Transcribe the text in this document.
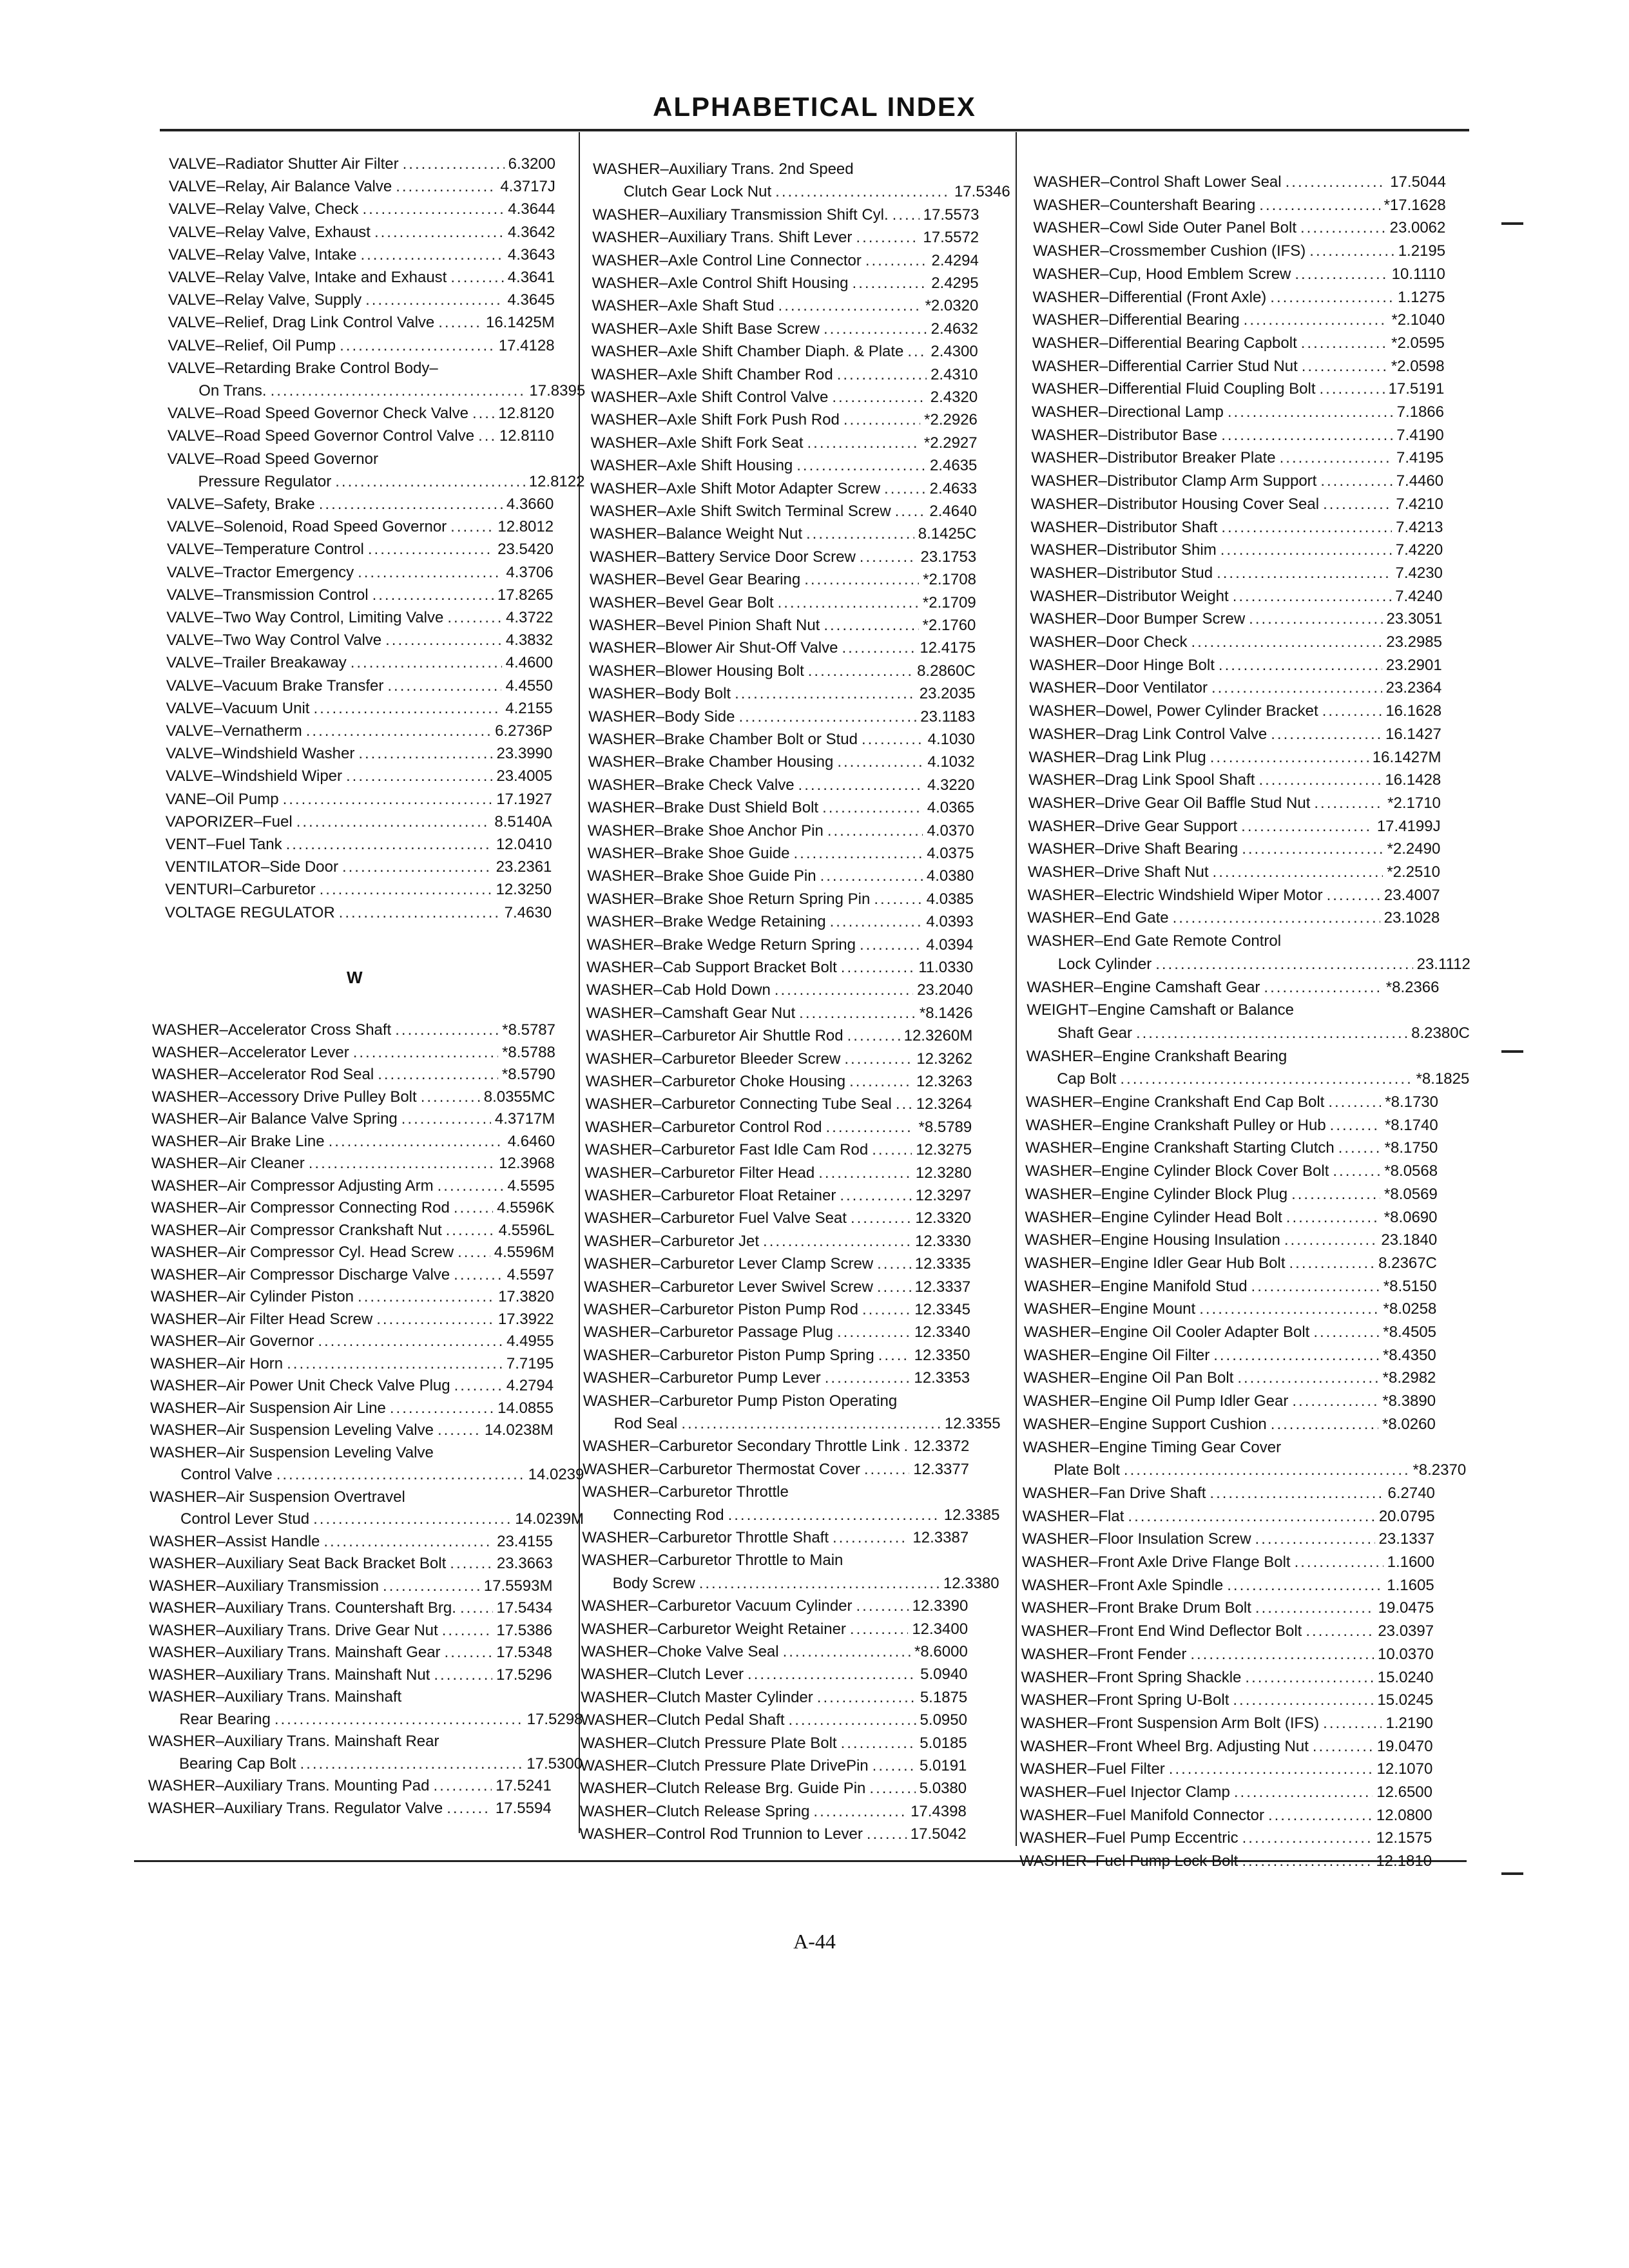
ALPHABETICAL INDEX
VALVE–Radiator Shutter Air Filter .....	6.3200
VALVE–Relay, Air Balance Valve .....	4.3717J
VALVE–Relay Valve, Check .....	4.3644
VALVE–Relay Valve, Exhaust .....	4.3642
VALVE–Relay Valve, Intake .....	4.3643
VALVE–Relay Valve, Intake and Exhaust .....	4.3641
VALVE–Relay Valve, Supply .....	4.3645
VALVE–Relief, Drag Link Control Valve .....	16.1425M
VALVE–Relief, Oil Pump .....	17.4128
VALVE–Retarding Brake Control Body–
On Trans. .....	17.8395
VALVE–Road Speed Governor Check Valve ..... 12.8120
VALVE–Road Speed Governor Control Valve ..... 12.8110
VALVE–Road Speed Governor
Pressure Regulator .....	12.8122
VALVE–Safety, Brake .....	4.3660
VALVE–Solenoid, Road Speed Governor .....	12.8012
VALVE–Temperature Control .....	23.5420
VALVE–Tractor Emergency .....	4.3706
VALVE–Transmission Control .....	17.8265
VALVE–Two Way Control, Limiting Valve .....	4.3722
VALVE–Two Way Control Valve .....	4.3832
VALVE–Trailer Breakaway .....	4.4600
VALVE–Vacuum Brake Transfer .....	4.4550
VALVE–Vacuum Unit .....	4.2155
VALVE–Vernatherm .....	6.2736P
VALVE–Windshield Washer .....	23.3990
VALVE–Windshield Wiper .....	23.4005
VANE–Oil Pump .....	17.1927
VAPORIZER–Fuel .....	8.5140A
VENT–Fuel Tank .....	12.0410
VENTILATOR–Side Door .....	23.2361
VENTURI–Carburetor .....	12.3250
VOLTAGE REGULATOR .....	7.4630
WASHER–Accelerator Cross Shaft .....	*8.5787
WASHER–Accelerator Lever .....	*8.5788
WASHER–Accelerator Rod Seal .....	*8.5790
WASHER–Accessory Drive Pulley Bolt .....	8.0355MC
WASHER–Air Balance Valve Spring .....	4.3717M
WASHER–Air Brake Line .....	4.6460
WASHER–Air Cleaner .....	12.3968
WASHER–Air Compressor Adjusting Arm .....	4.5595
WASHER–Air Compressor Connecting Rod .....	4.5596K
WASHER–Air Compressor Crankshaft Nut .....	4.5596L
WASHER–Air Compressor Cyl. Head Screw .....	4.5596M
WASHER–Air Compressor Discharge Valve .....	4.5597
WASHER–Air Cylinder Piston .....	17.3820
WASHER–Air Filter Head Screw .....	17.3922
WASHER–Air Governor .....	4.4955
WASHER–Air Horn .....	7.7195
WASHER–Air Power Unit Check Valve Plug .....	4.2794
WASHER–Air Suspension Air Line .....	14.0855
WASHER–Air Suspension Leveling Valve .....	14.0238M
WASHER–Air Suspension Leveling Valve
Control Valve .....	14.0239
WASHER–Air Suspension Overtravel
Control Lever Stud .....	14.0239M
WASHER–Assist Handle .....	23.4155
WASHER–Auxiliary Seat Back Bracket Bolt .....	23.3663
WASHER–Auxiliary Transmission .....	17.5593M
WASHER–Auxiliary Trans. Countershaft Brg. .....	17.5434
WASHER–Auxiliary Trans. Drive Gear Nut .....	17.5386
WASHER–Auxiliary Trans. Mainshaft Gear .....	17.5348
WASHER–Auxiliary Trans. Mainshaft Nut .....	17.5296
WASHER–Auxiliary Trans. Mainshaft
Rear Bearing .....	17.5298
WASHER–Auxiliary Trans. Mainshaft Rear
Bearing Cap Bolt .....	17.5300
WASHER–Auxiliary Trans. Mounting Pad .....	17.5241
WASHER–Auxiliary Trans. Regulator Valve .....	17.5594
WASHER–Auxiliary Trans. 2nd Speed
Clutch Gear Lock Nut .....	17.5346
WASHER–Auxiliary Transmission Shift Cyl. ..... 17.5573
WASHER–Auxiliary Trans. Shift Lever .....	17.5572
WASHER–Axle Control Line Connector .....	2.4294
WASHER–Axle Control Shift Housing .....	2.4295
WASHER–Axle Shaft Stud .....	*2.0320
WASHER–Axle Shift Base Screw .....	2.4632
WASHER–Axle Shift Chamber Diaph. & Plate ..... 2.4300
WASHER–Axle Shift Chamber Rod .....	2.4310
WASHER–Axle Shift Control Valve .....	2.4320
WASHER–Axle Shift Fork Push Rod .....	*2.2926
WASHER–Axle Shift Fork Seat .....	*2.2927
WASHER–Axle Shift Housing .....	2.4635
WASHER–Axle Shift Motor Adapter Screw .....	2.4633
WASHER–Axle Shift Switch Terminal Screw ..... 2.4640
WASHER–Balance Weight Nut .....	8.1425C
WASHER–Battery Service Door Screw .....	23.1753
WASHER–Bevel Gear Bearing .....	*2.1708
WASHER–Bevel Gear Bolt .....	*2.1709
WASHER–Bevel Pinion Shaft Nut .....	*2.1760
WASHER–Blower Air Shut-Off Valve .....	12.4175
WASHER–Blower Housing Bolt .....	8.2860C
WASHER–Body Bolt .....	23.2035
WASHER–Body Side .....	23.1183
WASHER–Brake Chamber Bolt or Stud .....	4.1030
WASHER–Brake Chamber Housing .....	4.1032
WASHER–Brake Check Valve .....	4.3220
WASHER–Brake Dust Shield Bolt .....	4.0365
WASHER–Brake Shoe Anchor Pin .....	4.0370
WASHER–Brake Shoe Guide .....	4.0375
WASHER–Brake Shoe Guide Pin .....	4.0380
WASHER–Brake Shoe Return Spring Pin .....	4.0385
WASHER–Brake Wedge Retaining .....	4.0393
WASHER–Brake Wedge Return Spring .....	4.0394
WASHER–Cab Support Bracket Bolt .....	11.0330
WASHER–Cab Hold Down .....	23.2040
WASHER–Camshaft Gear Nut .....	*8.1426
WASHER–Carburetor Air Shuttle Rod .....	12.3260M
WASHER–Carburetor Bleeder Screw .....	12.3262
WASHER–Carburetor Choke Housing .....	12.3263
WASHER–Carburetor Connecting Tube Seal ..... 12.3264
WASHER–Carburetor Control Rod .....	*8.5789
WASHER–Carburetor Fast Idle Cam Rod .....	12.3275
WASHER–Carburetor Filter Head .....	12.3280
WASHER–Carburetor Float Retainer .....	12.3297
WASHER–Carburetor Fuel Valve Seat .....	12.3320
WASHER–Carburetor Jet .....	12.3330
WASHER–Carburetor Lever Clamp Screw .....	12.3335
WASHER–Carburetor Lever Swivel Screw .....	12.3337
WASHER–Carburetor Piston Pump Rod .....	12.3345
WASHER–Carburetor Passage Plug .....	12.3340
WASHER–Carburetor Piston Pump Spring .....	12.3350
WASHER–Carburetor Pump Lever .....	12.3353
WASHER–Carburetor Pump Piston Operating
Rod Seal .....	12.3355
WASHER–Carburetor Secondary Throttle Link ..... 12.3372
WASHER–Carburetor Thermostat Cover .....	12.3377
WASHER–Carburetor Throttle
Connecting Rod .....	12.3385
WASHER–Carburetor Throttle Shaft .....	12.3387
WASHER–Carburetor Throttle to Main
Body Screw .....	12.3380
WASHER–Carburetor Vacuum Cylinder .....	12.3390
WASHER–Carburetor Weight Retainer .....	12.3400
WASHER–Choke Valve Seal .....	*8.6000
WASHER–Clutch Lever .....	5.0940
WASHER–Clutch Master Cylinder .....	5.1875
WASHER–Clutch Pedal Shaft .....	5.0950
WASHER–Clutch Pressure Plate Bolt .....	5.0185
WASHER–Clutch Pressure Plate DrivePin .....	5.0191
WASHER–Clutch Release Brg. Guide Pin .....	5.0380
WASHER–Clutch Release Spring .....	17.4398
WASHER–Control Rod Trunnion to Lever .....	17.5042
WASHER–Control Shaft Lower Seal .....	17.5044
WASHER–Countershaft Bearing .....	*17.1628
WASHER–Cowl Side Outer Panel Bolt .....	23.0062
WASHER–Crossmember Cushion (IFS) .....	1.2195
WASHER–Cup, Hood Emblem Screw .....	10.1110
WASHER–Differential (Front Axle) .....	1.1275
WASHER–Differential Bearing .....	*2.1040
WASHER–Differential Bearing Capbolt .....	*2.0595
WASHER–Differential Carrier Stud Nut .....	*2.0598
WASHER–Differential Fluid Coupling Bolt .....	17.5191
WASHER–Directional Lamp .....	7.1866
WASHER–Distributor Base .....	7.4190
WASHER–Distributor Breaker Plate .....	7.4195
WASHER–Distributor Clamp Arm Support .....	7.4460
WASHER–Distributor Housing Cover Seal .....	7.4210
WASHER–Distributor Shaft .....	7.4213
WASHER–Distributor Shim .....	7.4220
WASHER–Distributor Stud .....	7.4230
WASHER–Distributor Weight .....	7.4240
WASHER–Door Bumper Screw .....	23.3051
WASHER–Door Check .....	23.2985
WASHER–Door Hinge Bolt .....	23.2901
WASHER–Door Ventilator .....	23.2364
WASHER–Dowel, Power Cylinder Bracket .....	16.1628
WASHER–Drag Link Control Valve .....	16.1427
WASHER–Drag Link Plug .....	16.1427M
WASHER–Drag Link Spool Shaft .....	16.1428
WASHER–Drive Gear Oil Baffle Stud Nut .....	*2.1710
WASHER–Drive Gear Support .....	17.4199J
WASHER–Drive Shaft Bearing .....	*2.2490
WASHER–Drive Shaft Nut .....	*2.2510
WASHER–Electric Windshield Wiper Motor .....	23.4007
WASHER–End Gate .....	23.1028
WASHER–End Gate Remote Control
Lock Cylinder .....	23.1112
WASHER–Engine Camshaft Gear .....	*8.2366
WEIGHT–Engine Camshaft or Balance
Shaft Gear .....	8.2380C
WASHER–Engine Crankshaft Bearing
Cap Bolt .....	*8.1825
WASHER–Engine Crankshaft End Cap Bolt .....	*8.1730
WASHER–Engine Crankshaft Pulley or Hub .....	*8.1740
WASHER–Engine Crankshaft Starting Clutch .....	*8.1750
WASHER–Engine Cylinder Block Cover Bolt .....	*8.0568
WASHER–Engine Cylinder Block Plug .....	*8.0569
WASHER–Engine Cylinder Head Bolt .....	*8.0690
WASHER–Engine Housing Insulation .....	23.1840
WASHER–Engine Idler Gear Hub Bolt .....	8.2367C
WASHER–Engine Manifold Stud .....	*8.5150
WASHER–Engine Mount .....	*8.0258
WASHER–Engine Oil Cooler Adapter Bolt .....	*8.4505
WASHER–Engine Oil Filter .....	*8.4350
WASHER–Engine Oil Pan Bolt .....	*8.2982
WASHER–Engine Oil Pump Idler Gear .....	*8.3890
WASHER–Engine Support Cushion .....	*8.0260
WASHER–Engine Timing Gear Cover
Plate Bolt .....	*8.2370
WASHER–Fan Drive Shaft .....	6.2740
WASHER–Flat .....	20.0795
WASHER–Floor Insulation Screw .....	23.1337
WASHER–Front Axle Drive Flange Bolt .....	1.1600
WASHER–Front Axle Spindle .....	1.1605
WASHER–Front Brake Drum Bolt .....	19.0475
WASHER–Front End Wind Deflector Bolt .....	23.0397
WASHER–Front Fender .....	10.0370
WASHER–Front Spring Shackle .....	15.0240
WASHER–Front Spring U-Bolt .....	15.0245
WASHER–Front Suspension Arm Bolt (IFS) .....	1.2190
WASHER–Front Wheel Brg. Adjusting Nut .....	19.0470
WASHER–Fuel Filter .....	12.1070
WASHER–Fuel Injector Clamp .....	12.6500
WASHER–Fuel Manifold Connector .....	12.0800
WASHER–Fuel Pump Eccentric .....	12.1575
WASHER–Fuel Pump Lock Bolt .....	12.1810
W
A-44
